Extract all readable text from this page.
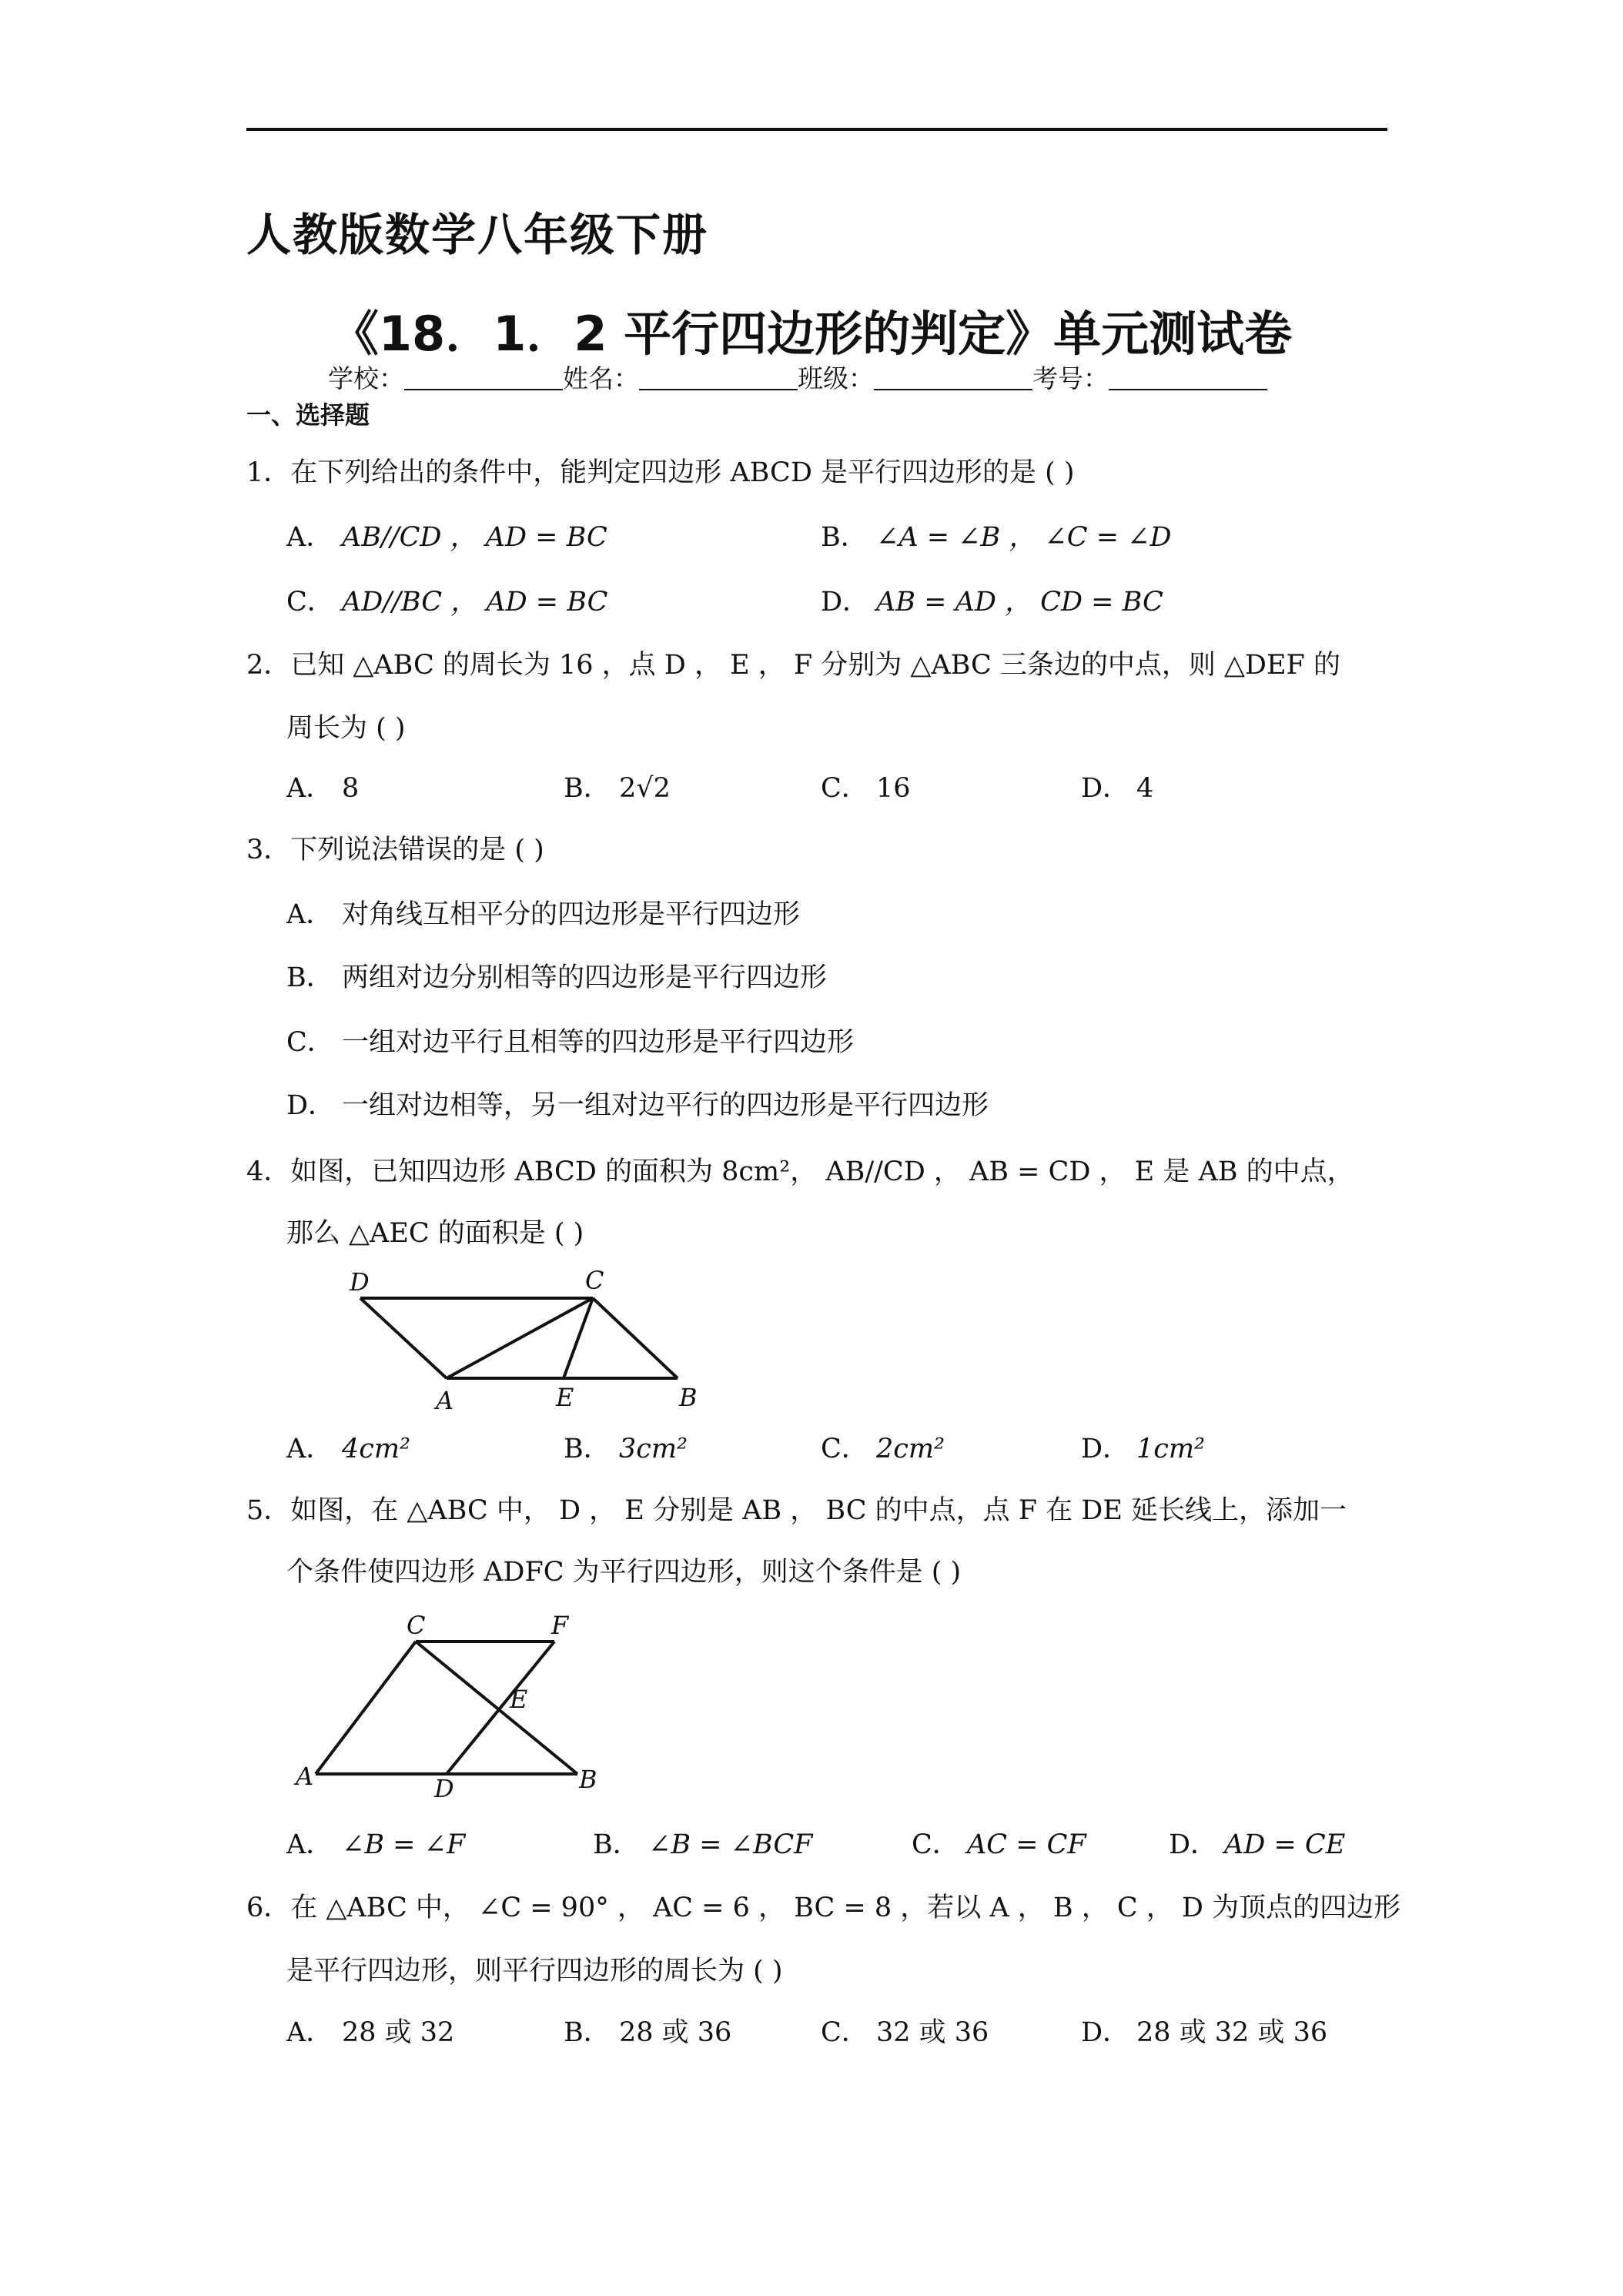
人教版数学八年级下册
《18．1．2 平行四边形的判定》单元测试卷
学校：	姓名：	班级：	考号：
一、选择题
1．在下列给出的条件中，能判定四边形 ABCD 是平行四边形的是 ( )
A． AB//CD ， AD = BC	B． ∠A = ∠B ， ∠C = ∠D
C． AD//BC ， AD = BC	D． AB = AD ， CD = BC
2．已知 △ABC 的周长为 16 ，点 D ， E ， F 分别为 △ABC 三条边的中点，则 △DEF 的
周长为 ( )
A． 8	B． 2√2	C． 16	D． 4
3．下列说法错误的是 ( )
A． 对角线互相平分的四边形是平行四边形
B． 两组对边分别相等的四边形是平行四边形
C． 一组对边平行且相等的四边形是平行四边形
D． 一组对边相等，另一组对边平行的四边形是平行四边形
4．如图，已知四边形 ABCD 的面积为 8cm²， AB//CD ， AB = CD ， E 是 AB 的中点，
那么 △AEC 的面积是 ( )
D	C
A	E	B
A． 4cm²	B． 3cm²	C． 2cm²	D． 1cm²
5．如图，在 △ABC 中， D ， E 分别是 AB ， BC 的中点，点 F 在 DE 延长线上，添加一
个条件使四边形 ADFC 为平行四边形，则这个条件是 ( )
C	F
E
A	D	B
A． ∠B = ∠F	B． ∠B = ∠BCF	C． AC = CF	D． AD = CE
6．在 △ABC 中， ∠C = 90° ， AC = 6 ， BC = 8 ，若以 A ， B ， C ， D 为顶点的四边形
是平行四边形，则平行四边形的周长为 ( )
A． 28 或 32	B． 28 或 36	C． 32 或 36	D． 28 或 32 或 36
